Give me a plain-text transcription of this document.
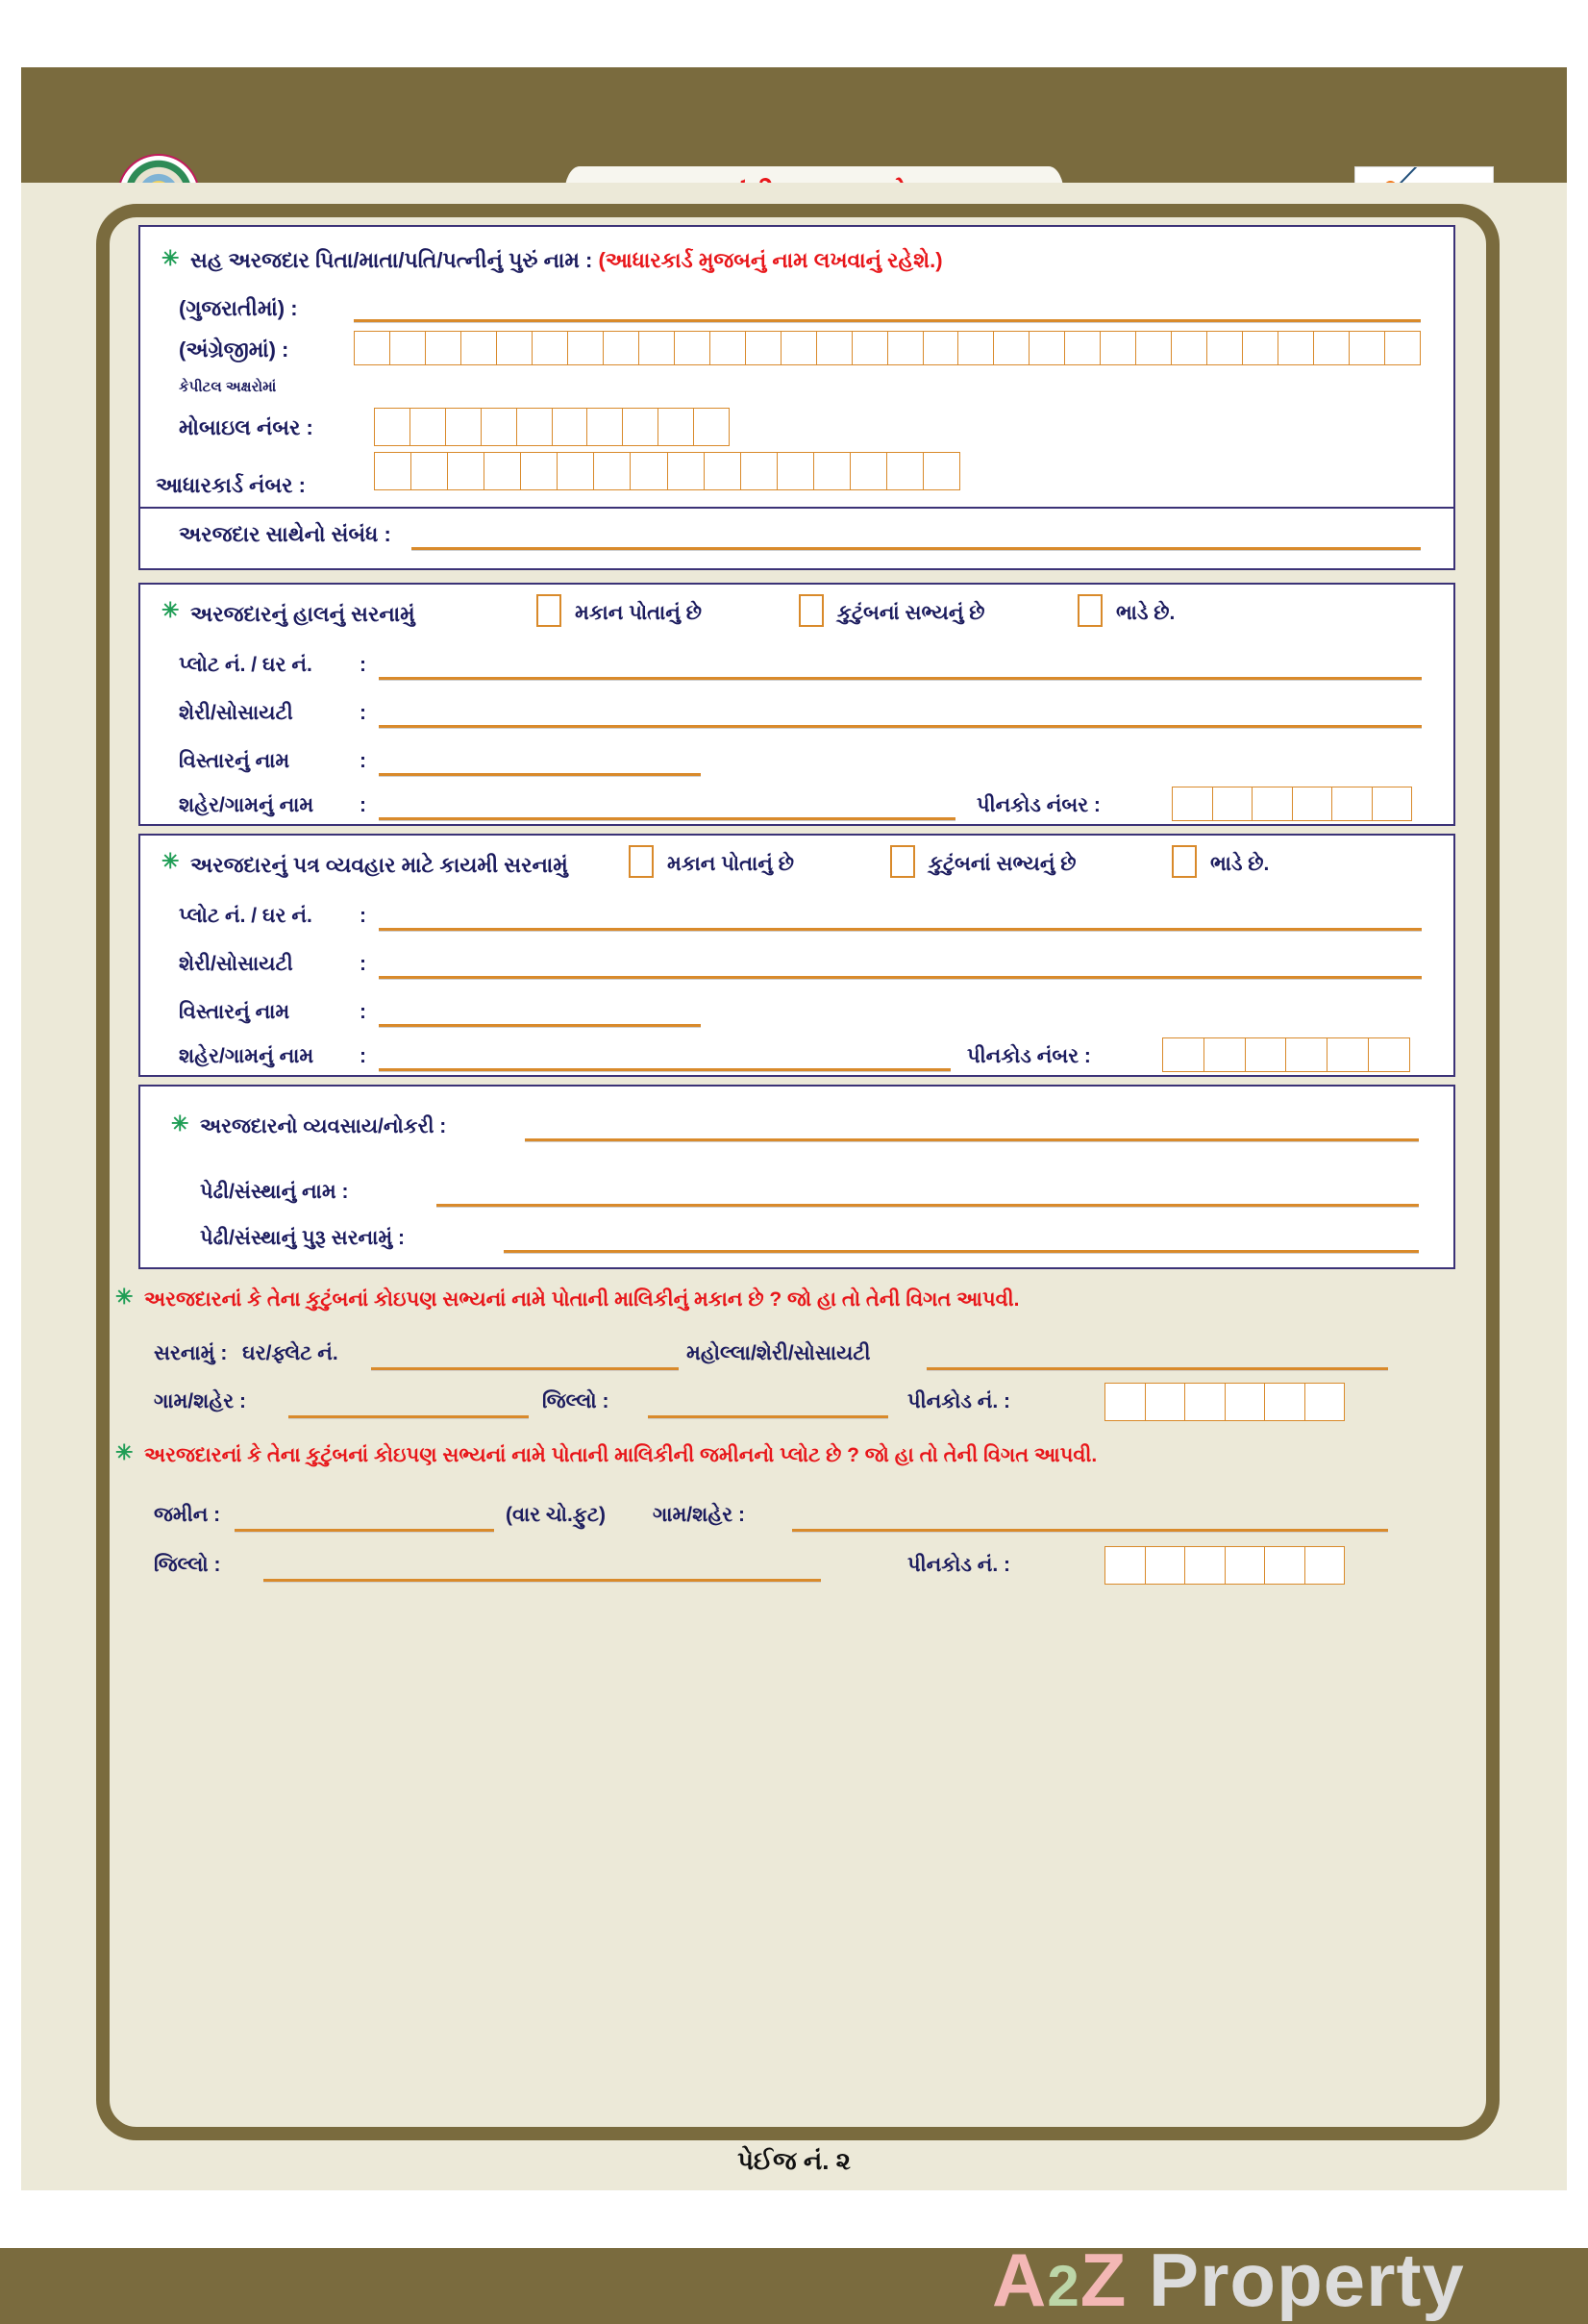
A2Z Property
✳ સહ અરજદાર પિતા/માતા/પતિ/પત્નીનું પુરું નામ : (આધારકાર્ડ મુજબનું નામ લખવાનું રહેશે.)
(ગુજરાતીમાં) :
(અંગ્રેજીમાં) :
કેપીટલ અક્ષરોમાં
મોબાઇલ નંબર :
આધારકાર્ડ નંબર :
અરજદાર સાથેનો સંબંધ :
✳ અરજદારનું હાલનું સરનામું	મકાન પોતાનું છે	કુટુંબનાં સભ્યનું છે	ભાડે છે.
પ્લોટ નં. / ઘર નં. :
શેરી/સોસાયટી	:
વિસ્તારનું નામ	:
શહેર/ગામનું નામ :	પીનકોડ નંબર :
✳ અરજદારનું પત્ર વ્યવહાર માટે કાયમી સરનામું	મકાન પોતાનું છે	કુટુંબનાં સભ્યનું છે	ભાડે છે.
પ્લોટ નં. / ઘર નં. :
શેરી/સોસાયટી	:
વિસ્તારનું નામ	:
શહેર/ગામનું નામ :	પીનકોડ નંબર :
✳ અરજદારનો વ્યવસાય/નોકરી :
પેઢી/સંસ્થાનું નામ :
પેઢી/સંસ્થાનું પુરૂ સરનામું :
✳ અરજદારનાં કે તેના કુટુંબનાં કોઇપણ સભ્યનાં નામે પોતાની માલિકીનું મકાન છે ? જો હા તો તેની વિગત આપવી.
સરનામું : ઘર/ફ્લેટ નં.	મહોલ્લા/શેરી/સોસાયટી
ગામ/શહેર :	જિલ્લો :	પીનકોડ નં. :
✳ અરજદારનાં કે તેના કુટુંબનાં કોઇપણ સભ્યનાં નામે પોતાની માલિકીની જમીનનો પ્લોટ છે ? જો હા તો તેની વિગત આપવી.
જમીન :	(વાર ચો.ફુટ) ગામ/શહેર :
જિલ્લો :	પીનકોડ નં. :
પેઈજ નં. ૨
